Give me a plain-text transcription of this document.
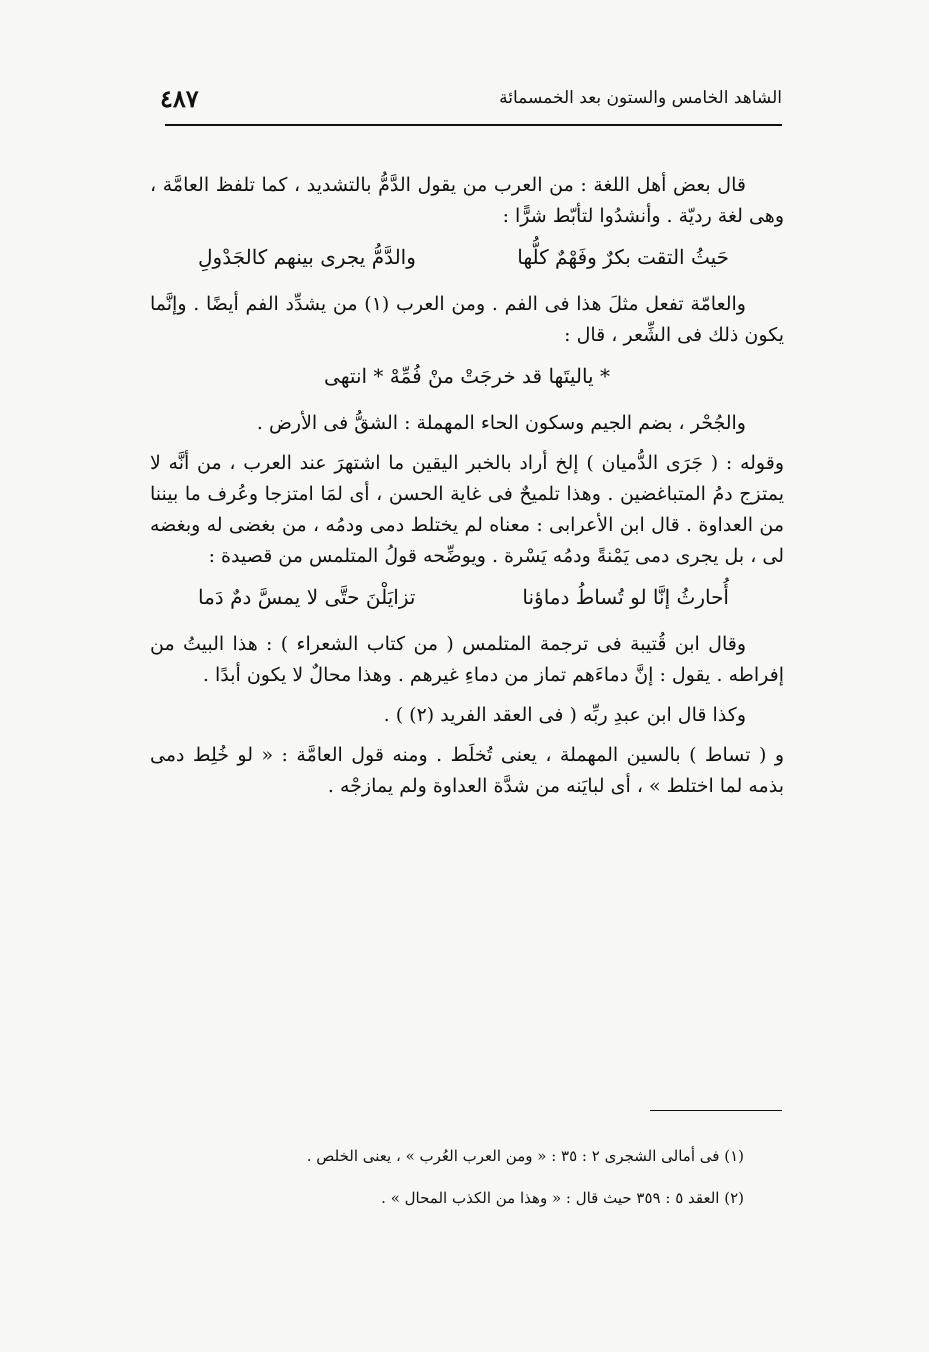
الشاهد الخامس والستون بعد الخمسمائة
٤٨٧

قال بعض أهل اللغة : من العرب من يقول الدَّمُّ بالتشديد ، كما تلفظ العامَّة ، وهى لغة رديّة . وأنشدُوا لتأبّط شرًّا :

حَيثُ التقت بكرٌ وفَهْمٌ كلُّها
والدَّمُّ يجرى بينهم كالجَدْولِ

والعامّة تفعل مثلَ هذا فى الفم . ومن العرب (١) من يشدِّد الفم أيضًا . وإنَّما يكون ذلك فى الشِّعر ، قال :

* ياليتَها قد خرجَتْ منْ فُمِّهْ * انتهى

والجُحْر ، بضم الجيم وسكون الحاء المهملة : الشقُّ فى الأرض .

وقوله : ( جَرَى الدُّميان ) إلخ أراد بالخبر اليقين ما اشتهرَ عند العرب ، من أنَّه لا يمتزج دمُ المتباغضين . وهذا تلميحٌ فى غاية الحسن ، أى لمَا امتزجا وعُرف ما بيننا من العداوة . قال ابن الأعرابى : معناه لم يختلط دمى ودمُه ، من بغضى له وبغضه لى ، بل يجرى دمى يَمْنةً ودمُه يَسْرة . ويوضِّحه قولُ المتلمس من قصيدة :

أُحارثُ إنَّا لو تُساطُ دماؤنا
تزايَلْنَ حتَّى لا يمسَّ دمٌ دَما

وقال ابن قُتيبة فى ترجمة المتلمس ( من كتاب الشعراء ) : هذا البيتُ من إفراطه . يقول : إنَّ دماءَهم تماز من دماءِ غيرهم . وهذا محالٌ لا يكون أبدًا .

وكذا قال ابن عبدِ ربِّه ( فى العقد الفريد (٢) ) .

و ( تساط ) بالسين المهملة ، يعنى تُخلَط . ومنه قول العامَّة : « لو خُلِط دمى بذمه لما اختلط » ، أى لبايَنه من شدَّة العداوة ولم يمازجْه .

(١) فى أمالى الشجرى ٢ : ٣٥ : « ومن العرب العُرب » ، يعنى الخلص .

(٢) العقد ٥ : ٣٥٩ حيث قال : « وهذا من الكذب المحال » .
